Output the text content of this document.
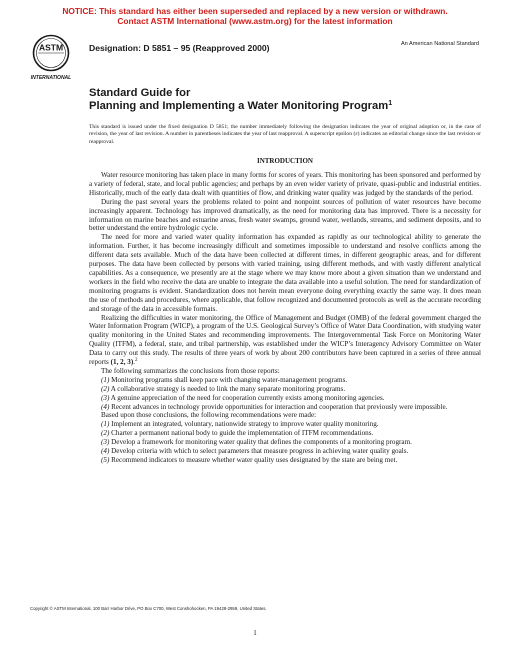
NOTICE: This standard has either been superseded and replaced by a new version or withdrawn.
Contact ASTM International (www.astm.org) for the latest information
ASTM
INTERNATIONAL
Designation: D 5851 – 95 (Reapproved 2000)	An American National Standard
Standard Guide for
Planning and Implementing a Water Monitoring Program$^1$
This standard is issued under the fixed designation D 5851; the number immediately following the designation indicates the year of original adoption or, in the case of revision, the year of last revision. A number in parentheses indicates the year of last reapproval. A superscript epsilon (ε) indicates an editorial change since the last revision or reapproval.
INTRODUCTION

Water resource monitoring has taken place in many forms for scores of years. This monitoring has been sponsored and performed by a variety of federal, state, and local public agencies; and perhaps by an even wider variety of private, quasi-public and industrial entities. Historically, much of the early data dealt with quantities of flow, and drinking water quality was judged by the standards of the period.

During the past several years the problems related to point and nonpoint sources of pollution of water resources have become increasingly apparent. Technology has improved dramatically, as the need for monitoring data has improved. There is a necessity for information on marine beaches and estuarine areas, fresh water swamps, ground water, wetlands, streams, and sediment deposits, and to better understand the entire hydrologic cycle.

The need for more and varied water quality information has expanded as rapidly as our technological ability to generate the information. Further, it has become increasingly difficult and sometimes impossible to understand and resolve conflicts among the different data sets available. Much of the data have been collected at different times, in different geographic areas, and for different purposes. The data have been collected by persons with varied training, using different methods, and with vastly different analytical capabilities. As a consequence, we presently are at the stage where we may know more about a given situation than we understand and workers in the field who receive the data are unable to integrate the data available into a useful solution. The need for standardization of monitoring programs is evident. Standardization does not herein mean everyone doing everything exactly the same way. It does mean the use of methods and procedures, where applicable, that follow recognized and documented protocols as well as the accurate recording and storage of the data in accessible formats.

Realizing the difficulties in water monitoring, the Office of Management and Budget (OMB) of the federal government charged the Water Information Program (WICP), a program of the U.S. Geological Survey’s Office of Water Data Coordination, with studying water quality monitoring in the United States and recommending improvements. The Intergovernmental Task Force on Monitoring Water Quality (ITFM), a federal, state, and tribal partnership, was established under the WICP’s Interagency Advisory Committee on Water Data to carry out this study. The results of three years of work by about 200 contributors have been captured in a series of three annual reports (1, 2, 3).$^2$

The following summarizes the conclusions from those reports:

(1) Monitoring programs shall keep pace with changing water-management programs.

(2) A collaborative strategy is needed to link the many separate monitoring programs.

(3) A genuine appreciation of the need for cooperation currently exists among monitoring agencies.

(4) Recent advances in technology provide opportunities for interaction and cooperation that previously were impossible.

Based upon those conclusions, the following recommendations were made:

(1) Implement an integrated, voluntary, nationwide strategy to improve water quality monitoring.

(2) Charter a permanent national body to guide the implementation of ITFM recommendations.

(3) Develop a framework for monitoring water quality that defines the components of a monitoring program.

(4) Develop criteria with which to select parameters that measure progress in achieving water quality goals.

(5) Recommend indicators to measure whether water quality uses designated by the state are being met.

Copyright © ASTM International, 100 Barr Harbor Drive, PO Box C700, West Conshohocken, PA 19428-2959, United States.
1
